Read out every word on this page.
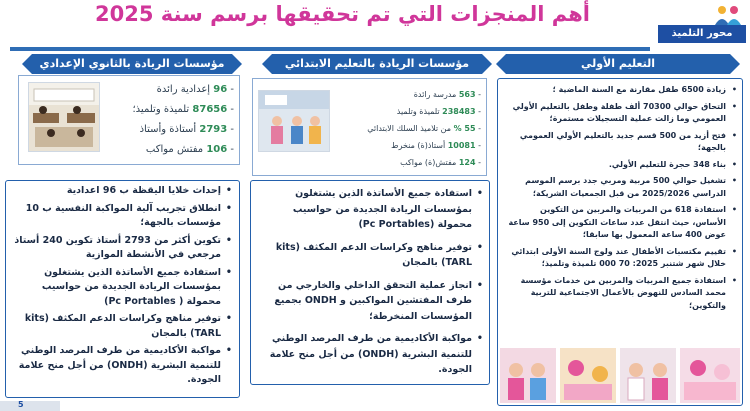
أهم المنجزات التي تم تحقيقها برسم سنة 2025
محور التلميذ
مؤسسات الريادة بالثانوي الإعدادي	مؤسسات الريادة بالتعليم الابتدائي	التعليم الأولي
- 96 إعدادية رائدة
- 87656 تلميذة وتلميذ؛
- 2793 أستاذة وأستاذ
- 106 مفتش مواكب
• إحداث خلايا اليقظة ب 96 اعدادية
• انطلاق تجريب آلية المواكبة النفسية ب 10 مؤسسات بالجهة؛
• تكوين أكثر من 2793 أستاذ تكوين 240 أستاذ مرجعي في الأنشطة الموازية
• استفادة جميع الأساتذة الذين يشتغلون بمؤسسات الريادة الجديدة من حواسيب محمولة ( Pc Portables)
• توفير مناهج وكراسات الدعم المكثف (kits TARL) بالمجان
• مواكبة الأكاديمية من طرف المرصد الوطني للتنمية البشرية (ONDH) من أجل منح علامة الجودة.
- 563 مدرسة رائدة
- 238483 تلميذة وتلميذ
- 55 % من تلاميذ السلك الابتدائي
- 10081 أستاذ(ة) منخرط
- 124 مفتش(ة) مواكب
• استفادة جميع الأساتذة الذين يشتغلون بمؤسسات الريادة الجديدة من حواسيب محمولة (Pc Portables)
• توفير مناهج وكراسات الدعم المكثف (kits TARL) بالمجان
• انجاز عملية التحقق الداخلي والخارجي من طرف المفتشين المواكبين و ONDH بجميع المؤسسات المنخرطة؛
• مواكبة الأكاديمية من طرف المرصد الوطني للتنمية البشرية (ONDH) من أجل منح علامة الجودة.
• زيادة 6500 طفل مقارنة مع السنة الماضية ؛
• التحاق حوالي 70300 ألف طفلة وطفل بالتعليم الأولي العمومي وما زالت عملية التسجيلات مستمرة؛
• فتح أزيد من 500 قسم جديد بالتعليم الأولي العمومي بالجهة؛
• بناء 348 حجرة للتعليم الأولي.
• تشغيل حوالي 500 مربية ومربي جدد برسم الموسم الدراسي 2025/2026 من قبل الجمعيات الشريكة؛
• استفادة 618 من المربيات والمربين من التكوين الأساس، حيث انتقل عدد ساعات التكوين إلى 950 ساعة عوض 400 ساعة المعمول بها سابقا؛
• تقييم مكتسبات الأطفال عند ولوج السنة الأولى ابتدائي خلال شهر شتنبر 2025: 70 000 تلميذة وتلميذ؛
• استفادة جميع المربيات والمربين من خدمات مؤسسة محمد السادس للنهوض بالأعمال الاجتماعية للتربية والتكوين؛
5
